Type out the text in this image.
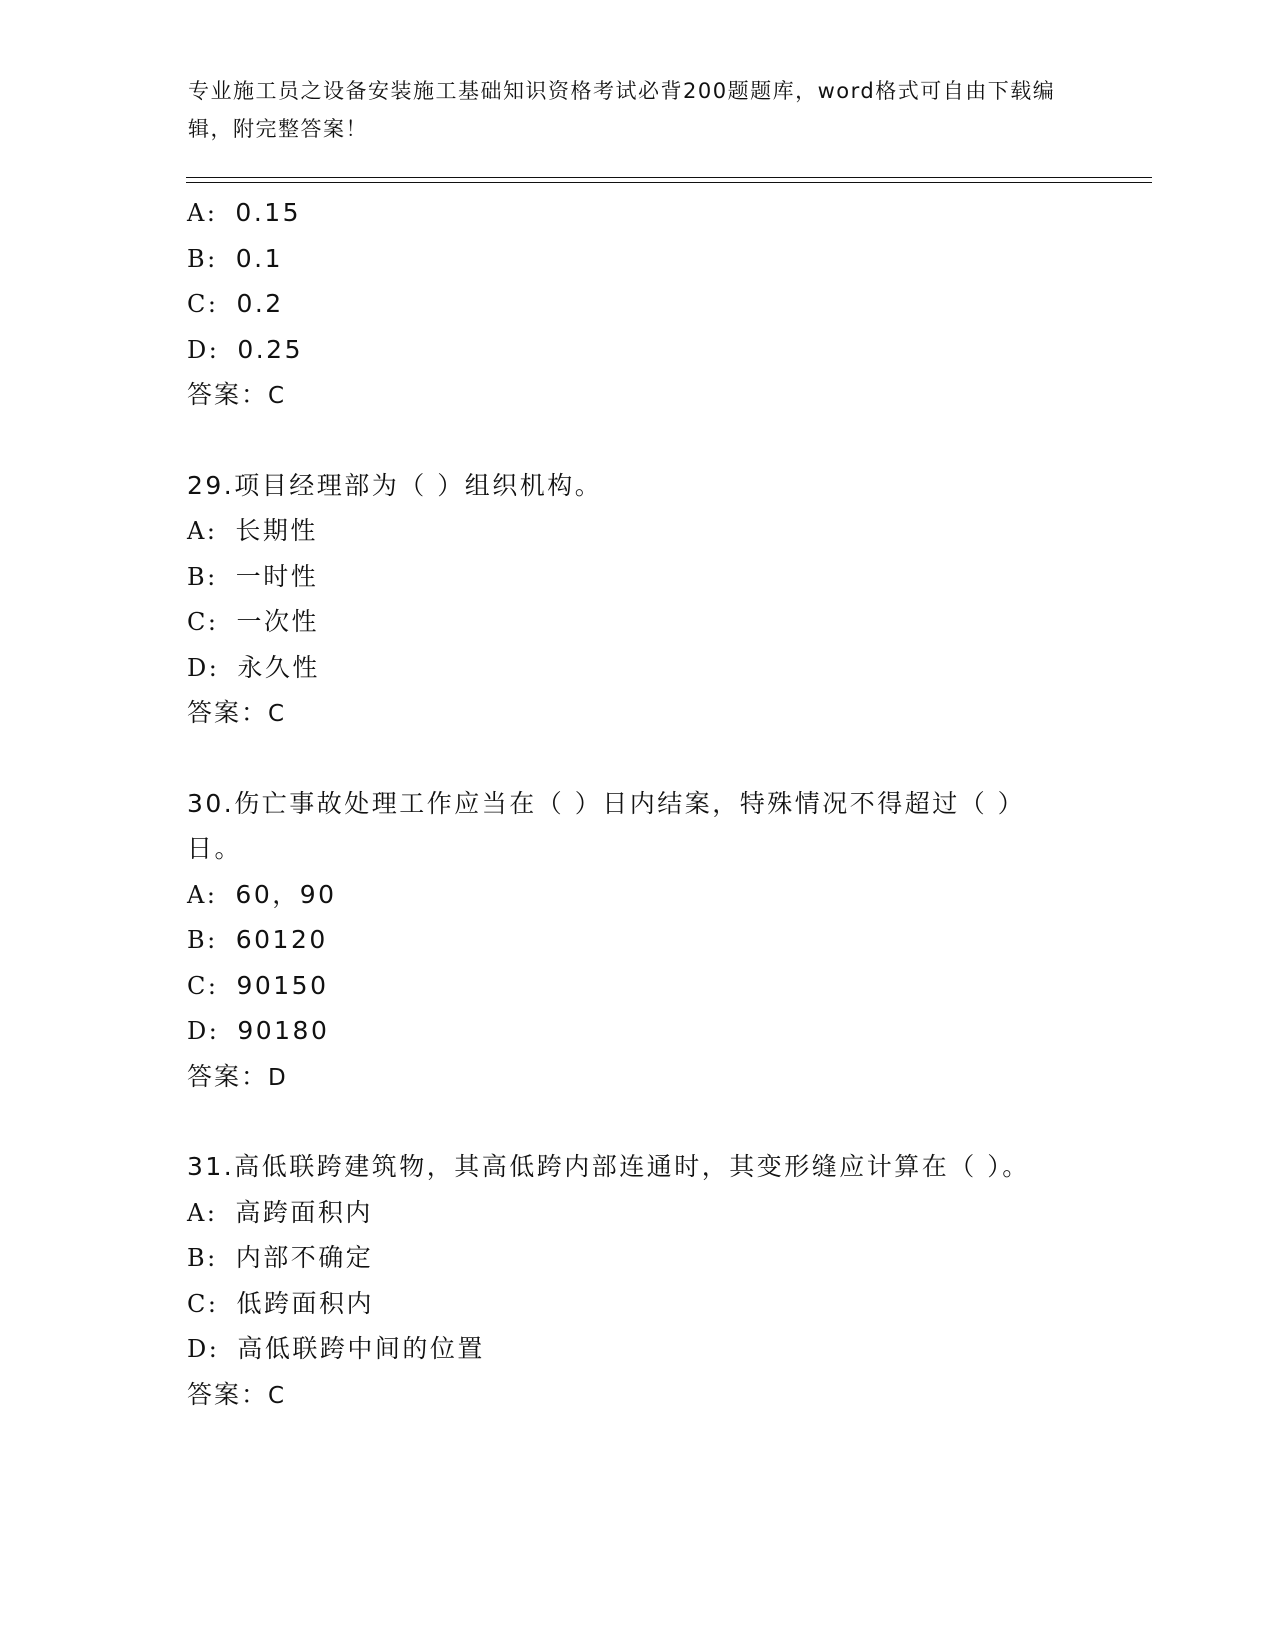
专业施工员之设备安装施工基础知识资格考试必背200题题库，word格式可自由下载编辑，附完整答案！
A: 0.15
B: 0.1
C: 0.2
D: 0.25
答案：C
29.项目经理部为（ ）组织机构。
A: 长期性
B: 一时性
C: 一次性
D: 永久性
答案：C
30.伤亡事故处理工作应当在（ ）日内结案，特殊情况不得超过（ ）日。
A: 60，90
B: 60120
C: 90150
D: 90180
答案：D
31.高低联跨建筑物，其高低跨内部连通时，其变形缝应计算在（ ）。
A: 高跨面积内
B: 内部不确定
C: 低跨面积内
D: 高低联跨中间的位置
答案：C
